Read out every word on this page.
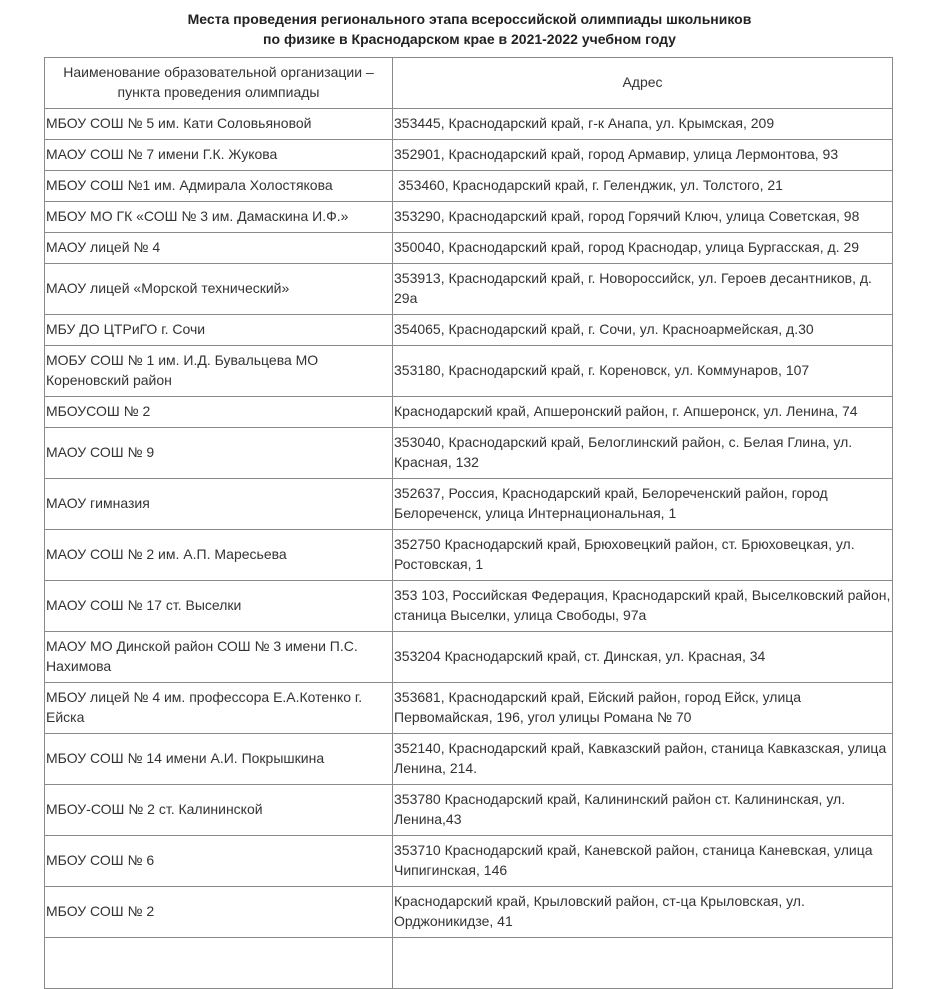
Места проведения регионального этапа всероссийской олимпиады школьников
по физике в Краснодарском крае в 2021-2022 учебном году
Наименование образовательной организации – пункта проведения олимпиады	Адрес
МБОУ СОШ № 5 им. Кати Соловьяновой	353445, Краснодарский край, г-к Анапа, ул. Крымская, 209
МАОУ СОШ № 7 имени Г.К. Жукова	352901, Краснодарский край, город Армавир, улица Лермонтова, 93
МБОУ СОШ №1 им. Адмирала Холостякова	353460, Краснодарский край, г. Геленджик, ул. Толстого, 21
МБОУ МО ГК «СОШ № 3 им. Дамаскина И.Ф.»	353290, Краснодарский край, город Горячий Ключ, улица Советская, 98
МАОУ лицей № 4	350040, Краснодарский край, город Краснодар, улица Бургасская, д. 29
МАОУ лицей «Морской технический»	353913, Краснодарский край, г. Новороссийск, ул. Героев десантников, д. 29а
МБУ ДО ЦТРиГО г. Сочи	354065, Краснодарский край, г. Сочи, ул. Красноармейская, д.30
МОБУ СОШ № 1 им. И.Д. Бувальцева МО Кореновский район	353180, Краснодарский край, г. Кореновск, ул. Коммунаров, 107
МБОУСОШ № 2	Краснодарский край, Апшеронский район, г. Апшеронск, ул. Ленина, 74
МАОУ СОШ № 9	353040, Краснодарский край, Белоглинский район, с. Белая Глина, ул. Красная, 132
МАОУ гимназия	352637, Россия, Краснодарский край, Белореченский район, город Белореченск, улица Интернациональная, 1
МАОУ СОШ № 2 им. А.П. Маресьева	352750 Краснодарский край, Брюховецкий район, ст. Брюховецкая, ул. Ростовская, 1
МАОУ СОШ № 17 ст. Выселки	353 103, Российская Федерация, Краснодарский край, Выселковский район, станица Выселки, улица Свободы, 97а
МАОУ МО Динской район СОШ № 3 имени П.С. Нахимова	353204 Краснодарский край, ст. Динская, ул. Красная, 34
МБОУ лицей № 4 им. профессора Е.А.Котенко г. Ейска	353681, Краснодарский край, Ейский район, город Ейск, улица Первомайская, 196, угол улицы Романа № 70
МБОУ СОШ № 14 имени А.И. Покрышкина	352140, Краснодарский край, Кавказский район, станица Кавказская, улица Ленина, 214.
МБОУ-СОШ № 2 ст. Калининской	353780 Краснодарский край, Калининский район ст. Калининская, ул. Ленина,43
МБОУ СОШ № 6	353710 Краснодарский край, Каневской район, станица Каневская, улица Чипигинская, 146
МБОУ СОШ № 2	Краснодарский край, Крыловский район, ст-ца Крыловская, ул. Орджоникидзе, 41
